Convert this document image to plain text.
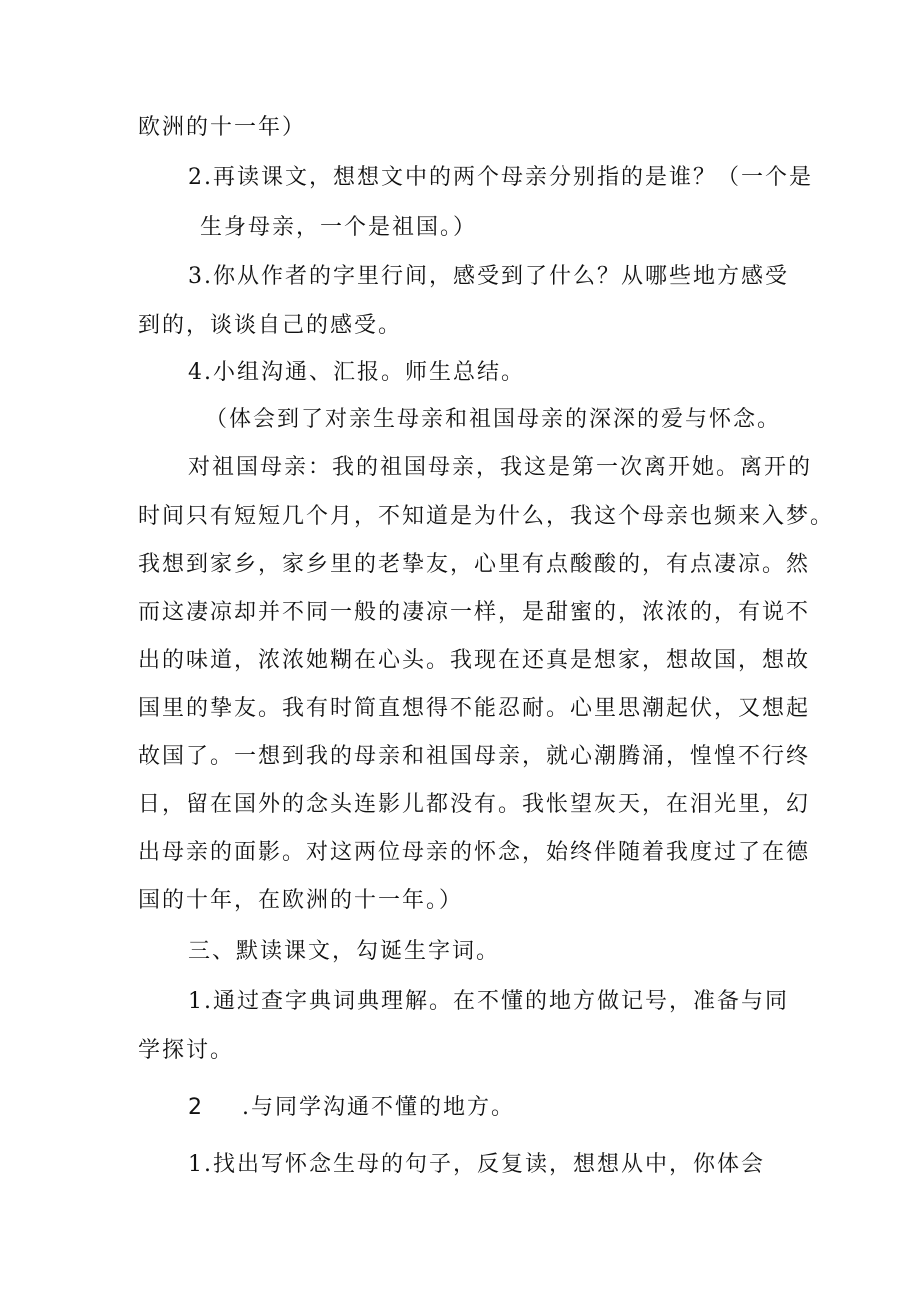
欧洲的十一年）
2.再读课文，想想文中的两个母亲分别指的是谁？（一个是
生身母亲，一个是祖国。）
3.你从作者的字里行间，感受到了什么？从哪些地方感受
到的，谈谈自己的感受。
4.小组沟通、汇报。师生总结。
（体会到了对亲生母亲和祖国母亲的深深的爱与怀念。
对祖国母亲：我的祖国母亲，我这是第一次离开她。离开的
时间只有短短几个月，不知道是为什么，我这个母亲也频来入梦。
我想到家乡，家乡里的老挚友，心里有点酸酸的，有点凄凉。然
而这凄凉却并不同一般的凄凉一样，是甜蜜的，浓浓的，有说不
出的味道，浓浓她糊在心头。我现在还真是想家，想故国，想故
国里的挚友。我有时简直想得不能忍耐。心里思潮起伏，又想起
故国了。一想到我的母亲和祖国母亲，就心潮腾涌，惶惶不行终
日，留在国外的念头连影儿都没有。我怅望灰天，在泪光里，幻
出母亲的面影。对这两位母亲的怀念，始终伴随着我度过了在德
国的十年，在欧洲的十一年。）
三、默读课文，勾诞生字词。
1.通过查字典词典理解。在不懂的地方做记号，准备与同
学探讨。
2 .与同学沟通不懂的地方。
1.找出写怀念生母的句子，反复读，想想从中，你体会
